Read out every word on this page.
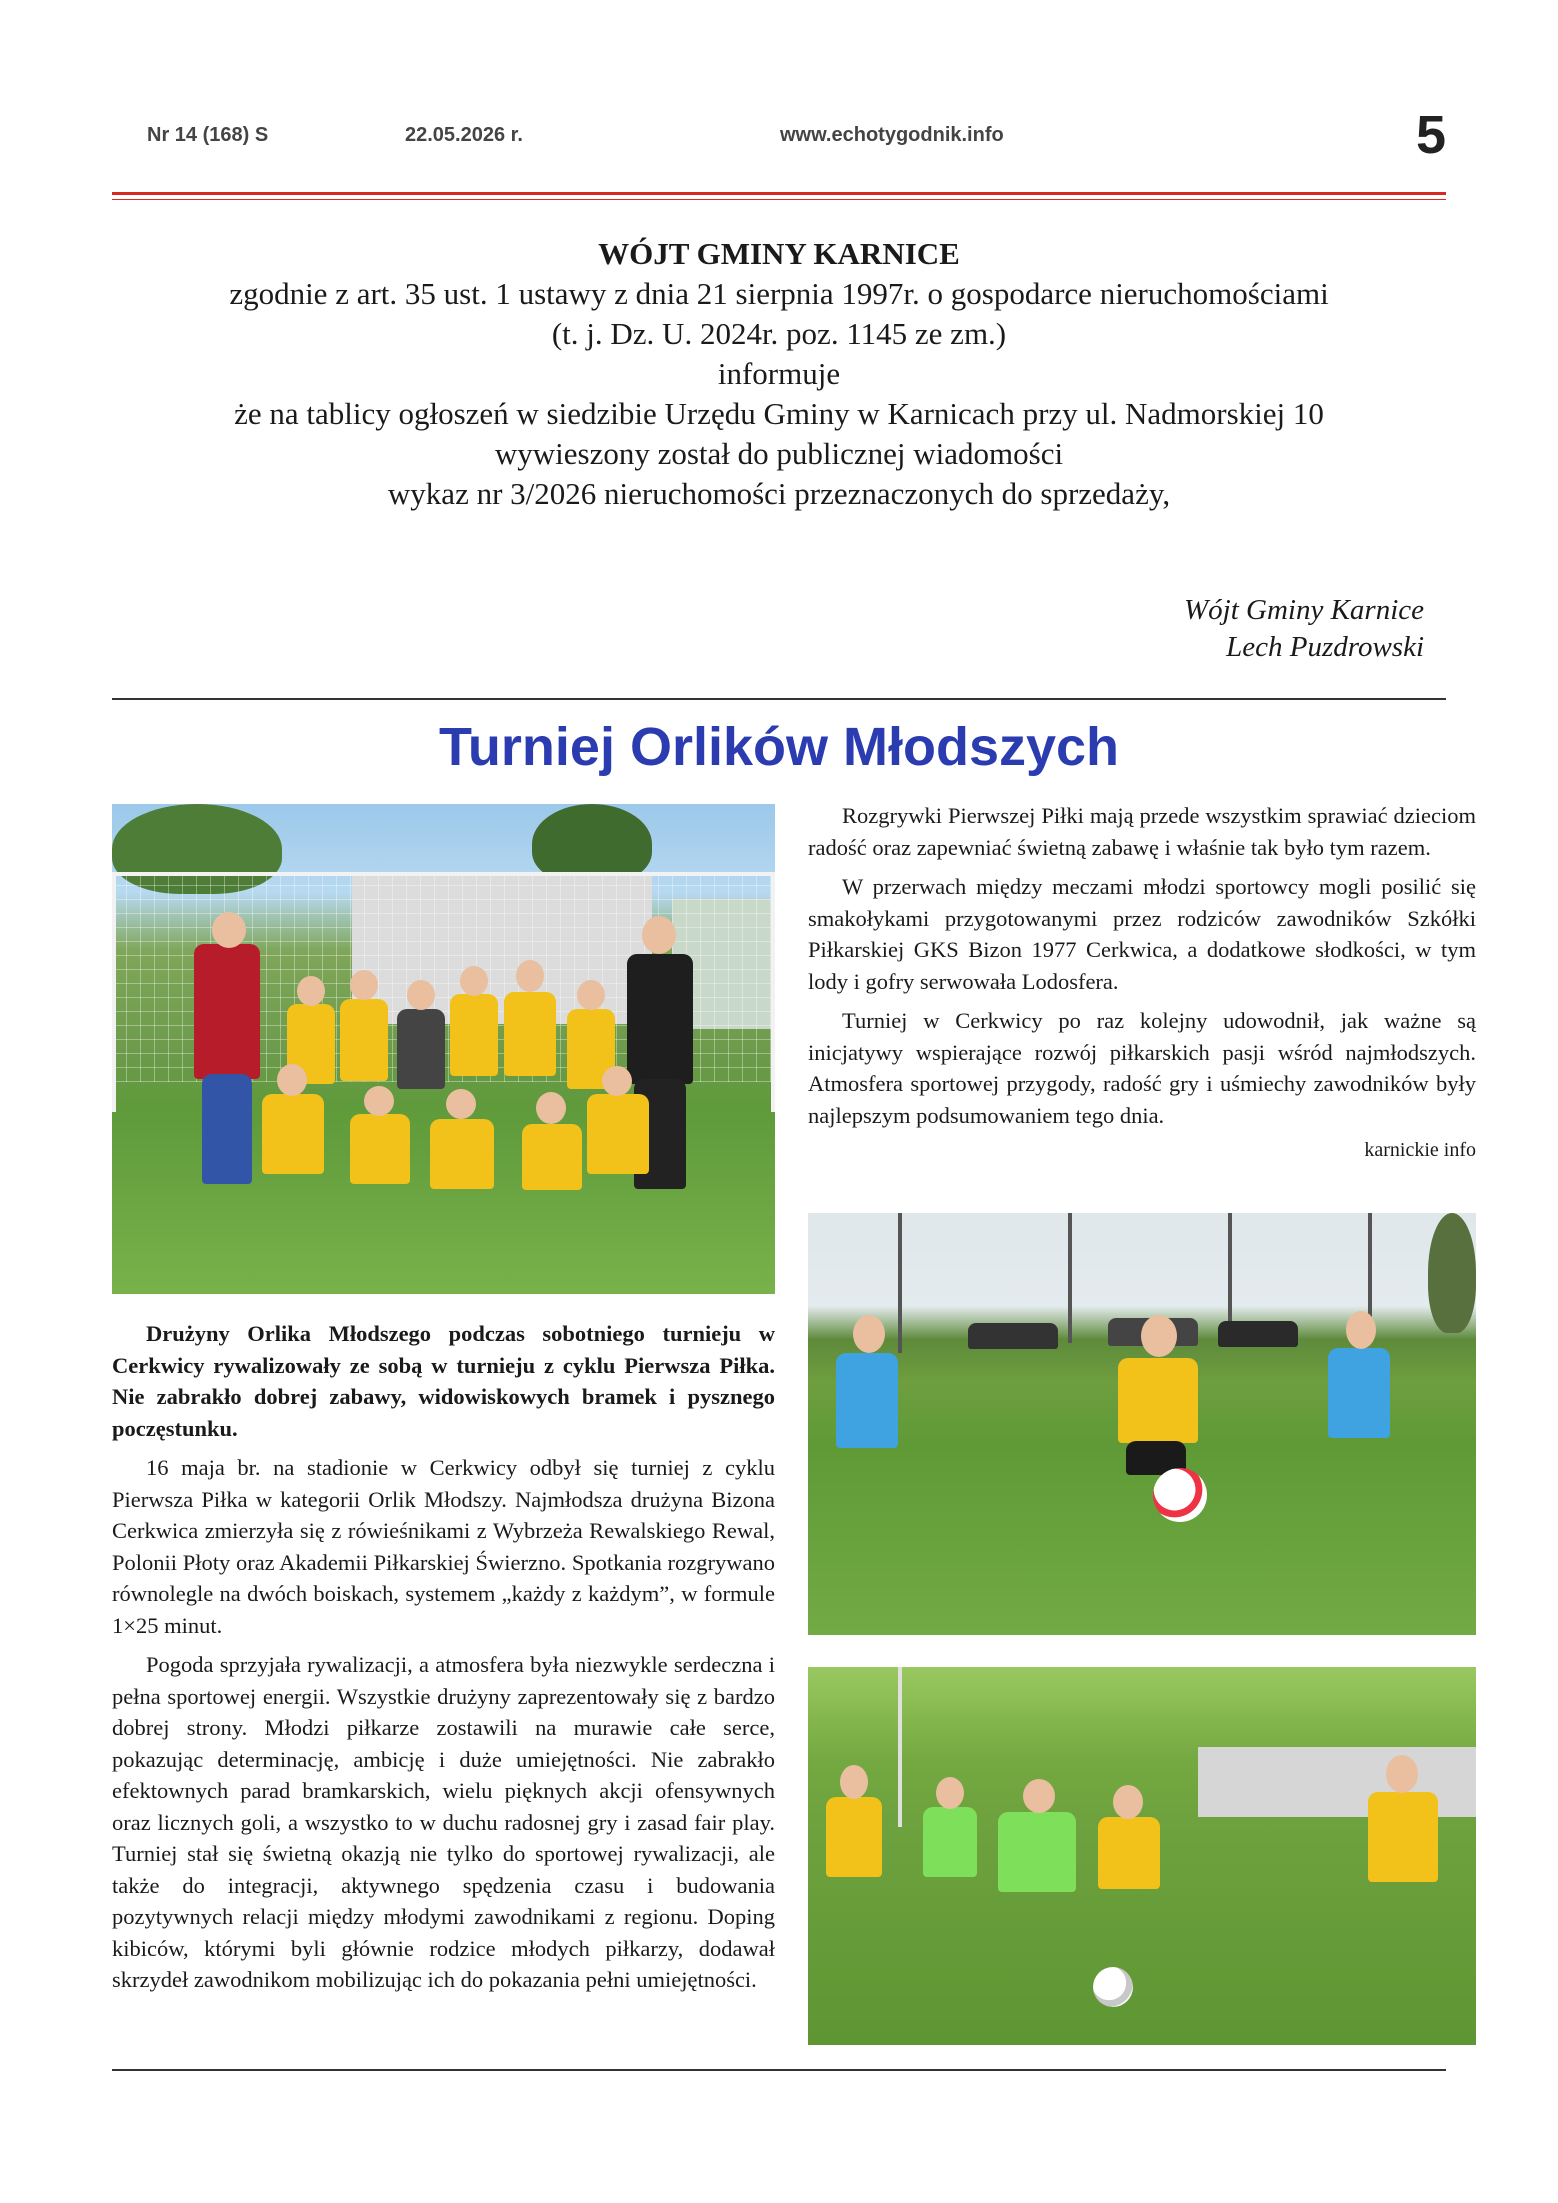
Nr 14 (168) S	22.05.2026 r.	www.echotygodnik.info	5
WÓJT GMINY KARNICE
zgodnie z art. 35 ust. 1 ustawy z dnia 21 sierpnia 1997r. o gospodarce nieruchomościami
(t. j. Dz. U. 2024r. poz. 1145 ze zm.)
informuje
że na tablicy ogłoszeń w siedzibie Urzędu Gminy w Karnicach przy ul. Nadmorskiej 10
wywieszony został do publicznej wiadomości
wykaz nr 3/2026 nieruchomości przeznaczonych do sprzedaży,
Wójt Gminy Karnice
Lech Puzdrowski
Turniej Orlików Młodszych

Drużyny Orlika Młodszego podczas sobotniego turnieju w Cerkwicy rywalizowały ze sobą w turnieju z cyklu Pierwsza Piłka. Nie zabrakło dobrej zabawy, widowiskowych bramek i pysznego poczęstunku.

16 maja br. na stadionie w Cerkwicy odbył się turniej z cyklu Pierwsza Piłka w kategorii Orlik Młodszy. Najmłodsza drużyna Bizona Cerkwica zmierzyła się z rówieśnikami z Wybrzeża Rewalskiego Rewal, Polonii Płoty oraz Akademii Piłkarskiej Świerzno. Spotkania rozgrywano równolegle na dwóch boiskach, systemem „każdy z każdym”, w formule 1×25 minut.

Pogoda sprzyjała rywalizacji, a atmosfera była niezwykle serdeczna i pełna sportowej energii. Wszystkie drużyny zaprezentowały się z bardzo dobrej strony. Młodzi piłkarze zostawili na murawie całe serce, pokazując determinację, ambicję i duże umiejętności. Nie zabrakło efektownych parad bramkarskich, wielu pięknych akcji ofensywnych oraz licznych goli, a wszystko to w duchu radosnej gry i zasad fair play. Turniej stał się świetną okazją nie tylko do sportowej rywalizacji, ale także do integracji, aktywnego spędzenia czasu i budowania pozytywnych relacji między młodymi zawodnikami z regionu. Doping kibiców, którymi byli głównie rodzice młodych piłkarzy, dodawał skrzydeł zawodnikom mobilizując ich do pokazania pełni umiejętności.

Rozgrywki Pierwszej Piłki mają przede wszystkim sprawiać dzieciom radość oraz zapewniać świetną zabawę i właśnie tak było tym razem.

W przerwach między meczami młodzi sportowcy mogli posilić się smakołykami przygotowanymi przez rodziców zawodników Szkółki Piłkarskiej GKS Bizon 1977 Cerkwica, a dodatkowe słodkości, w tym lody i gofry serwowała Lodosfera.

Turniej w Cerkwicy po raz kolejny udowodnił, jak ważne są inicjatywy wspierające rozwój piłkarskich pasji wśród najmłodszych. Atmosfera sportowej przygody, radość gry i uśmiechy zawodników były najlepszym podsumowaniem tego dnia.

karnickie info
